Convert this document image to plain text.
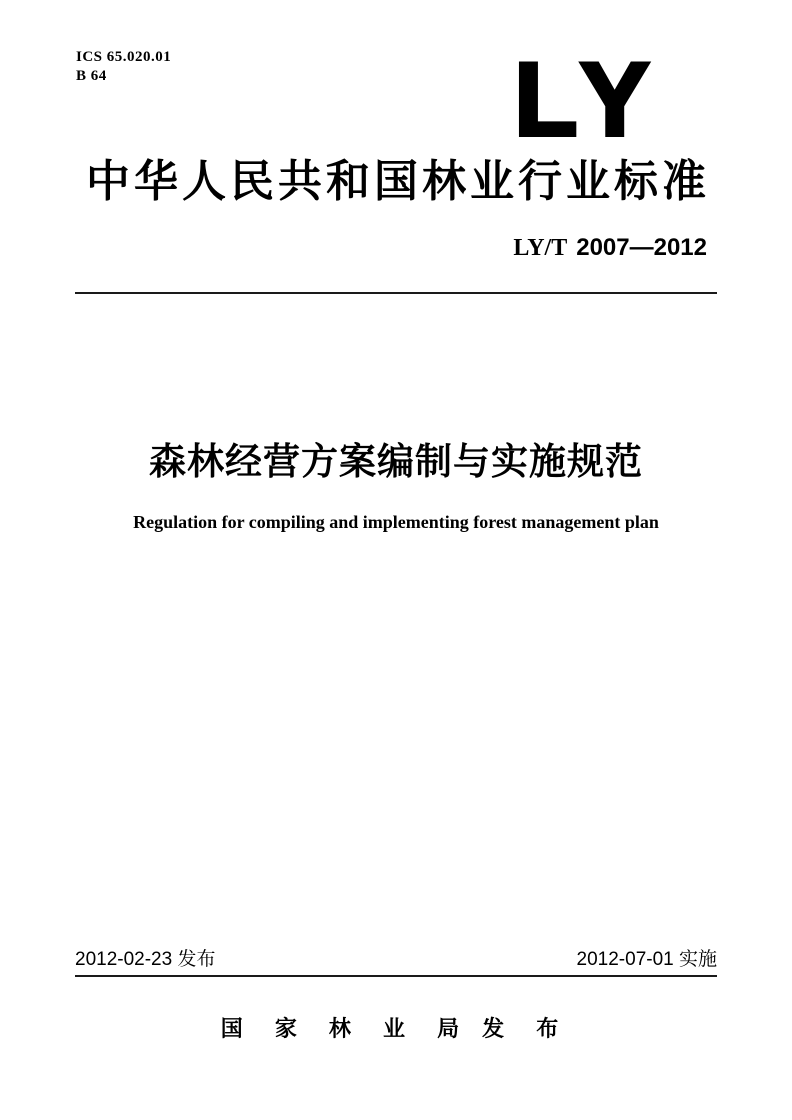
ICS 65.020.01
B 64	LY
中华人民共和国林业行业标准
LY/T 2007—2012
森林经营方案编制与实施规范
Regulation for compiling and implementing forest management plan
2012-02-23 发布	2012-07-01 实施
国 家 林 业 局 发 布
